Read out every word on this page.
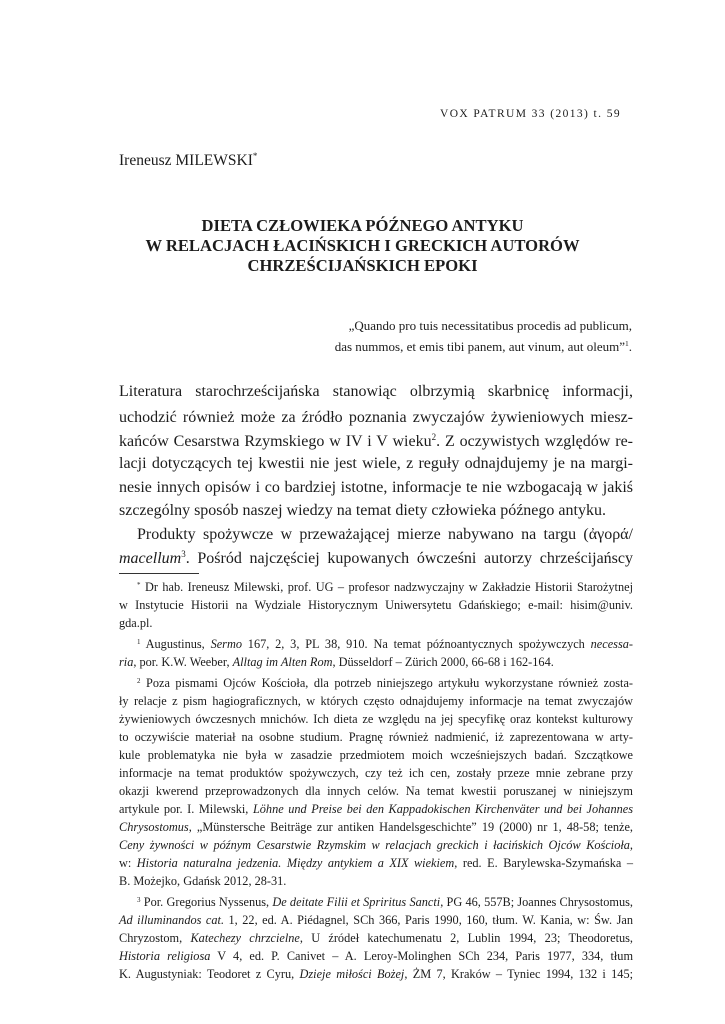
VOX PATRUM 33 (2013) t. 59
Ireneusz MILEWSKI*
DIETA CZŁOWIEKA PÓŹNEGO ANTYKU
W RELACJACH ŁACIŃSKICH I GRECKICH AUTORÓW
CHRZEŚCIJAŃSKICH EPOKI
„Quando pro tuis necessitatibus procedis ad publicum,
das nummos, et emis tibi panem, aut vinum, aut oleum”$^1$.
Literatura starochrześcijańska stanowiąc olbrzymią skarbnicę informacji,
uchodzić również może za źródło poznania zwyczajów żywieniowych miesz-
kańców Cesarstwa Rzymskiego w IV i V wieku$^2$. Z oczywistych względów re-
lacji dotyczących tej kwestii nie jest wiele, z reguły odnajdujemy je na margi-
nesie innych opisów i co bardziej istotne, informacje te nie wzbogacają w jakiś
szczególny sposób naszej wiedzy na temat diety człowieka późnego antyku.
Produkty spożywcze w przeważającej mierze nabywano na targu (ἀγορά/
macellum$^3$. Pośród najczęściej kupowanych ówcześni autorzy chrześcijańscy
* Dr hab. Ireneusz Milewski, prof. UG – profesor nadzwyczajny w Zakładzie Historii Starożytnej
w Instytucie Historii na Wydziale Historycznym Uniwersytetu Gdańskiego; e-mail: hisim@univ.
gda.pl.
$^1$ Augustinus, Sermo 167, 2, 3, PL 38, 910. Na temat późnoantycznych spożywczych necessa-
ria, por. K.W. Weeber, Alltag im Alten Rom, Düsseldorf – Zürich 2000, 66-68 i 162-164.
$^2$ Poza pismami Ojców Kościoła, dla potrzeb niniejszego artykułu wykorzystane również zosta-
ły relacje z pism hagiograficznych, w których często odnajdujemy informacje na temat zwyczajów
żywieniowych ówczesnych mnichów. Ich dieta ze względu na jej specyfikę oraz kontekst kulturowy
to oczywiście materiał na osobne studium. Pragnę również nadmienić, iż zaprezentowana w arty-
kule problematyka nie była w zasadzie przedmiotem moich wcześniejszych badań. Szczątkowe
informacje na temat produktów spożywczych, czy też ich cen, zostały przeze mnie zebrane przy
okazji kwerend przeprowadzonych dla innych celów. Na temat kwestii poruszanej w niniejszym
artykule por. I. Milewski, Löhne und Preise bei den Kappadokischen Kirchenväter und bei Johannes
Chrysostomus, „Münstersche Beiträge zur antiken Handelsgeschichte” 19 (2000) nr 1, 48-58; tenże,
Ceny żywności w późnym Cesarstwie Rzymskim w relacjach greckich i łacińskich Ojców Kościoła,
w: Historia naturalna jedzenia. Między antykiem a XIX wiekiem, red. E. Barylewska-Szymańska –
B. Możejko, Gdańsk 2012, 28-31.
$^3$ Por. Gregorius Nyssenus, De deitate Filii et Spriritus Sancti, PG 46, 557B; Joannes Chrysostomus,
Ad illuminandos cat. 1, 22, ed. A. Piédagnel, SCh 366, Paris 1990, 160, tłum. W. Kania, w: Św. Jan
Chryzostom, Katechezy chrzcielne, U źródeł katechumenatu 2, Lublin 1994, 23; Theodoretus,
Historia religiosa V 4, ed. P. Canivet – A. Leroy-Molinghen SCh 234, Paris 1977, 334, tłum
K. Augustyniak: Teodoret z Cyru, Dzieje miłości Bożej, ŻM 7, Kraków – Tyniec 1994, 132 i 145;
